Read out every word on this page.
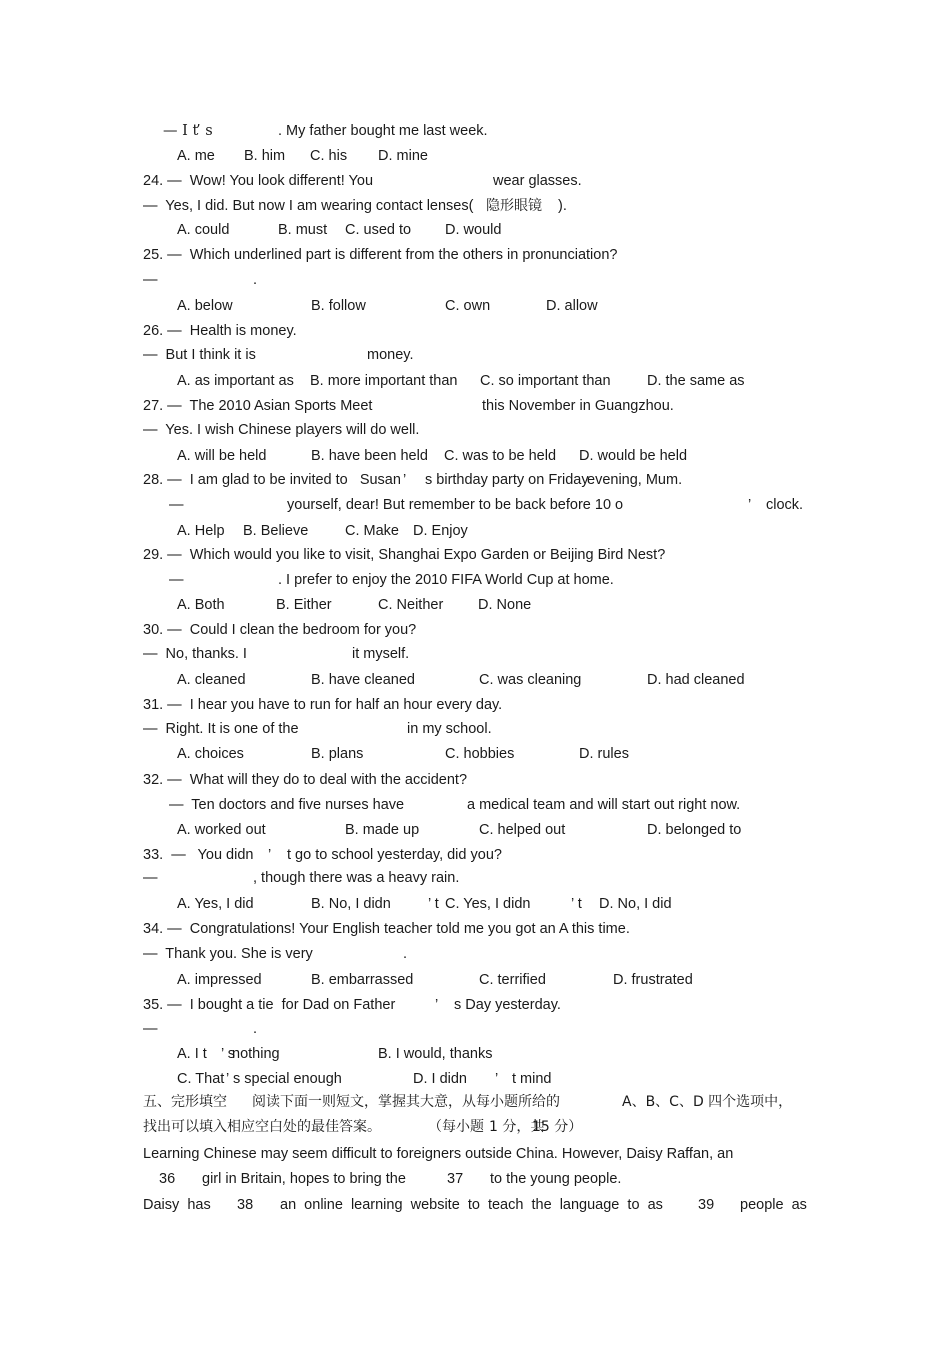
— I t

’ s	. My father bought me last week.
A. me B. him C. his D. mine
24. —  Wow! You look different! You	wear glasses.
—  Yes, I did. But now I am wearing contact lenses( 隐形眼镜 ).
A. could	B. must C. used to D. would
25. —  Which underlined part is different from the others in pronunciation?
—	.
A. below	B. follow	C. own	D. allow
26. —  Health is money.
—  But I think it is	money.
A. as important as B. more important than C. so important than	D. the same as
27. —  The 2010 Asian Sports Meet	this November in Guangzhou.
—  Yes. I wish Chinese players will do well.
A. will be held	B. have been held C. was to be held D. would be held
28. —  I am glad to be invited to   Susan ’ s birthday party on Friday
evening, Mum.
—	yourself, dear! But remember to be back before 10 o	’ clock.
A. Help B. Believe	C. Make D. Enjoy
29. —  Which would you like to visit, Shanghai Expo Garden or Beijing Bird Nest?
—	. I prefer to enjoy the 2010 FIFA World Cup at home.
A. Both	B. Either	C. Neither D. None
30. —  Could I clean the bedroom for you?
—  No, thanks. I	it myself.
A. cleaned	B. have cleaned	C. was cleaning	D. had cleaned
31. —  I hear you have to run for half an hour every day.
—  Right. It is one of the	in my school.
A. choices	B. plans	C. hobbies	D. rules
32. —  What will they do to deal with the accident?
—  Ten doctors and five nurses have	a medical team and will start out right now.
A. worked out	B. made up	C. helped out	D. belonged to
33.  —   You didn ’ t go to school yesterday, did you?
—	, though there was a heavy rain.
A. Yes, I did	B. No, I didn	’ t C. Yes, I didn	’ t D. No, I did
34. —  Congratulations! Your English teacher told me you got an A this time.
—  Thank you. She is very	.
A. impressed	B. embarrassed	C. terrified	D. frustrated
35. —  I bought a tie  for Dad on Father	’ s Day yesterday.
—	.
A. I t ’ s
nothing	B. I would, thanks
C. That ’ s special enough	D. I didn ’ t mind
五、完形填空 阅读下面一则短文，掌握其大意，从每小题所给的	A、B、C、D 四个选项中，
找出可以填入相应空白处的最佳答案。	（每小题 1 分，共
15 分）
Learning Chinese may seem difficult to foreigners outside China. However, Daisy Raffan, an
36 girl in Britain, hopes to bring the	37 to the young people.
Daisy  has 38 an  online  learning  website  to  teach  the  language  to  as 39 people  as
